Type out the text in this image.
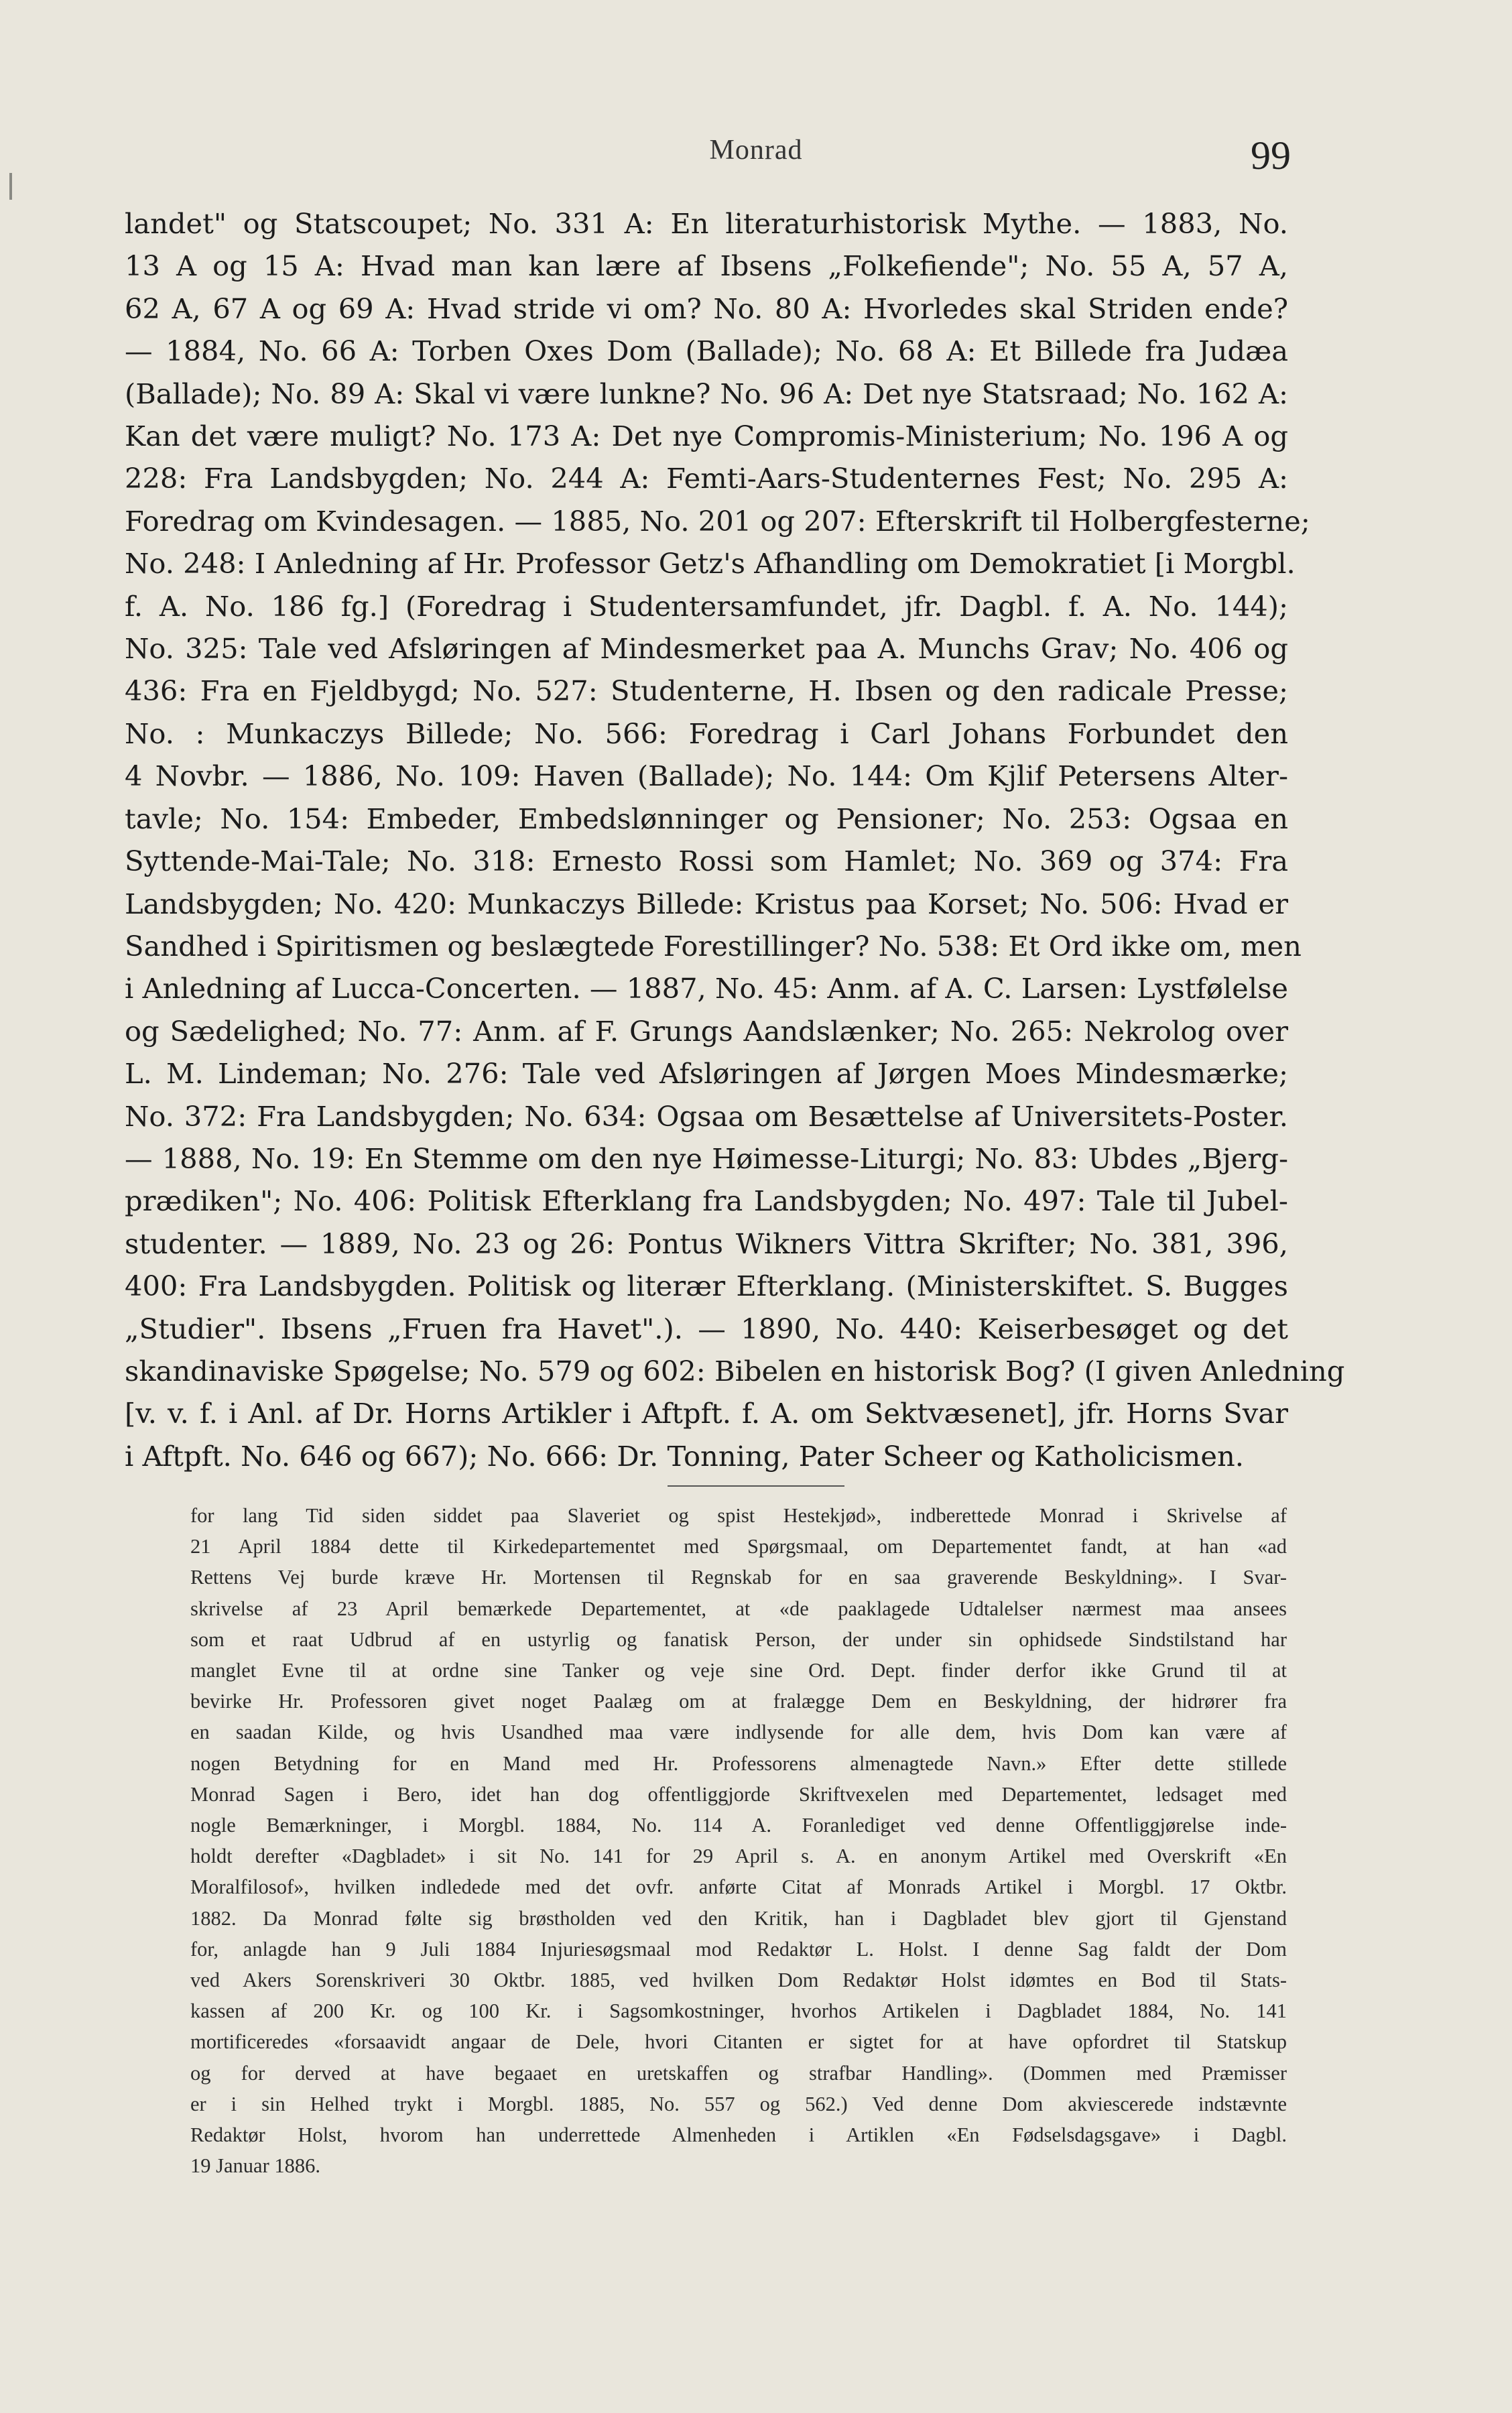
Monrad	99
landet" og Statscoupet; No. 331 A: En literaturhistorisk Mythe. — 1883, No.
13 A og 15 A: Hvad man kan lære af Ibsens „Folkefiende"; No. 55 A, 57 A,
62 A, 67 A og 69 A: Hvad stride vi om? No. 80 A: Hvorledes skal Striden ende?
— 1884, No. 66 A: Torben Oxes Dom (Ballade); No. 68 A: Et Billede fra Judæa
(Ballade); No. 89 A: Skal vi være lunkne? No. 96 A: Det nye Statsraad; No. 162 A:
Kan det være muligt? No. 173 A: Det nye Compromis-Ministerium; No. 196 A og
228: Fra Landsbygden; No. 244 A: Femti-Aars-Studenternes Fest; No. 295 A:
Foredrag om Kvindesagen. — 1885, No. 201 og 207: Efterskrift til Holbergfesterne;
No. 248: I Anledning af Hr. Professor Getz's Afhandling om Demokratiet [i Morgbl.
f. A. No. 186 fg.] (Foredrag i Studentersamfundet, jfr. Dagbl. f. A. No. 144);
No. 325: Tale ved Afsløringen af Mindesmerket paa A. Munchs Grav; No. 406 og
436: Fra en Fjeldbygd; No. 527: Studenterne, H. Ibsen og den radicale Presse;
No. : Munkaczys Billede; No. 566: Foredrag i Carl Johans Forbundet den
4 Novbr. — 1886, No. 109: Haven (Ballade); No. 144: Om Kjlif Petersens Alter-
tavle; No. 154: Embeder, Embedslønninger og Pensioner; No. 253: Ogsaa en
Syttende-Mai-Tale; No. 318: Ernesto Rossi som Hamlet; No. 369 og 374: Fra
Landsbygden; No. 420: Munkaczys Billede: Kristus paa Korset; No. 506: Hvad er
Sandhed i Spiritismen og beslægtede Forestillinger? No. 538: Et Ord ikke om, men
i Anledning af Lucca-Concerten. — 1887, No. 45: Anm. af A. C. Larsen: Lystfølelse
og Sædelighed; No. 77: Anm. af F. Grungs Aandslænker; No. 265: Nekrolog over
L. M. Lindeman; No. 276: Tale ved Afsløringen af Jørgen Moes Mindesmærke;
No. 372: Fra Landsbygden; No. 634: Ogsaa om Besættelse af Universitets-Poster.
— 1888, No. 19: En Stemme om den nye Høimesse-Liturgi; No. 83: Ubdes „Bjerg-
prædiken"; No. 406: Politisk Efterklang fra Landsbygden; No. 497: Tale til Jubel-
studenter. — 1889, No. 23 og 26: Pontus Wikners Vittra Skrifter; No. 381, 396,
400: Fra Landsbygden. Politisk og literær Efterklang. (Ministerskiftet. S. Bugges
„Studier". Ibsens „Fruen fra Havet".). — 1890, No. 440: Keiserbesøget og det
skandinaviske Spøgelse; No. 579 og 602: Bibelen en historisk Bog? (I given Anledning
[v. v. f. i Anl. af Dr. Horns Artikler i Aftpft. f. A. om Sektvæsenet], jfr. Horns Svar
i Aftpft. No. 646 og 667); No. 666: Dr. Tonning, Pater Scheer og Katholicismen.
for lang Tid siden siddet paa Slaveriet og spist Hestekjød», indberettede Monrad i Skrivelse af
21 April 1884 dette til Kirkedepartementet med Spørgsmaal, om Departementet fandt, at han «ad
Rettens Vej burde kræve Hr. Mortensen til Regnskab for en saa graverende Beskyldning». I Svar-
skrivelse af 23 April bemærkede Departementet, at «de paaklagede Udtalelser nærmest maa ansees
som et raat Udbrud af en ustyrlig og fanatisk Person, der under sin ophidsede Sindstilstand har
manglet Evne til at ordne sine Tanker og veje sine Ord. Dept. finder derfor ikke Grund til at
bevirke Hr. Professoren givet noget Paalæg om at fralægge Dem en Beskyldning, der hidrører fra
en saadan Kilde, og hvis Usandhed maa være indlysende for alle dem, hvis Dom kan være af
nogen Betydning for en Mand med Hr. Professorens almenagtede Navn.» Efter dette stillede
Monrad Sagen i Bero, idet han dog offentliggjorde Skriftvexelen med Departementet, ledsaget med
nogle Bemærkninger, i Morgbl. 1884, No. 114 A. Foranlediget ved denne Offentliggjørelse inde-
holdt derefter «Dagbladet» i sit No. 141 for 29 April s. A. en anonym Artikel med Overskrift «En
Moralfilosof», hvilken indledede med det ovfr. anførte Citat af Monrads Artikel i Morgbl. 17 Oktbr.
1882. Da Monrad følte sig brøstholden ved den Kritik, han i Dagbladet blev gjort til Gjenstand
for, anlagde han 9 Juli 1884 Injuriesøgsmaal mod Redaktør L. Holst. I denne Sag faldt der Dom
ved Akers Sorenskriveri 30 Oktbr. 1885, ved hvilken Dom Redaktør Holst idømtes en Bod til Stats-
kassen af 200 Kr. og 100 Kr. i Sagsomkostninger, hvorhos Artikelen i Dagbladet 1884, No. 141
mortificeredes «forsaavidt angaar de Dele, hvori Citanten er sigtet for at have opfordret til Statskup
og for derved at have begaaet en uretskaffen og strafbar Handling». (Dommen med Præmisser
er i sin Helhed trykt i Morgbl. 1885, No. 557 og 562.) Ved denne Dom akviescerede indstævnte
Redaktør Holst, hvorom han underrettede Almenheden i Artiklen «En Fødselsdagsgave» i Dagbl.
19 Januar 1886.
